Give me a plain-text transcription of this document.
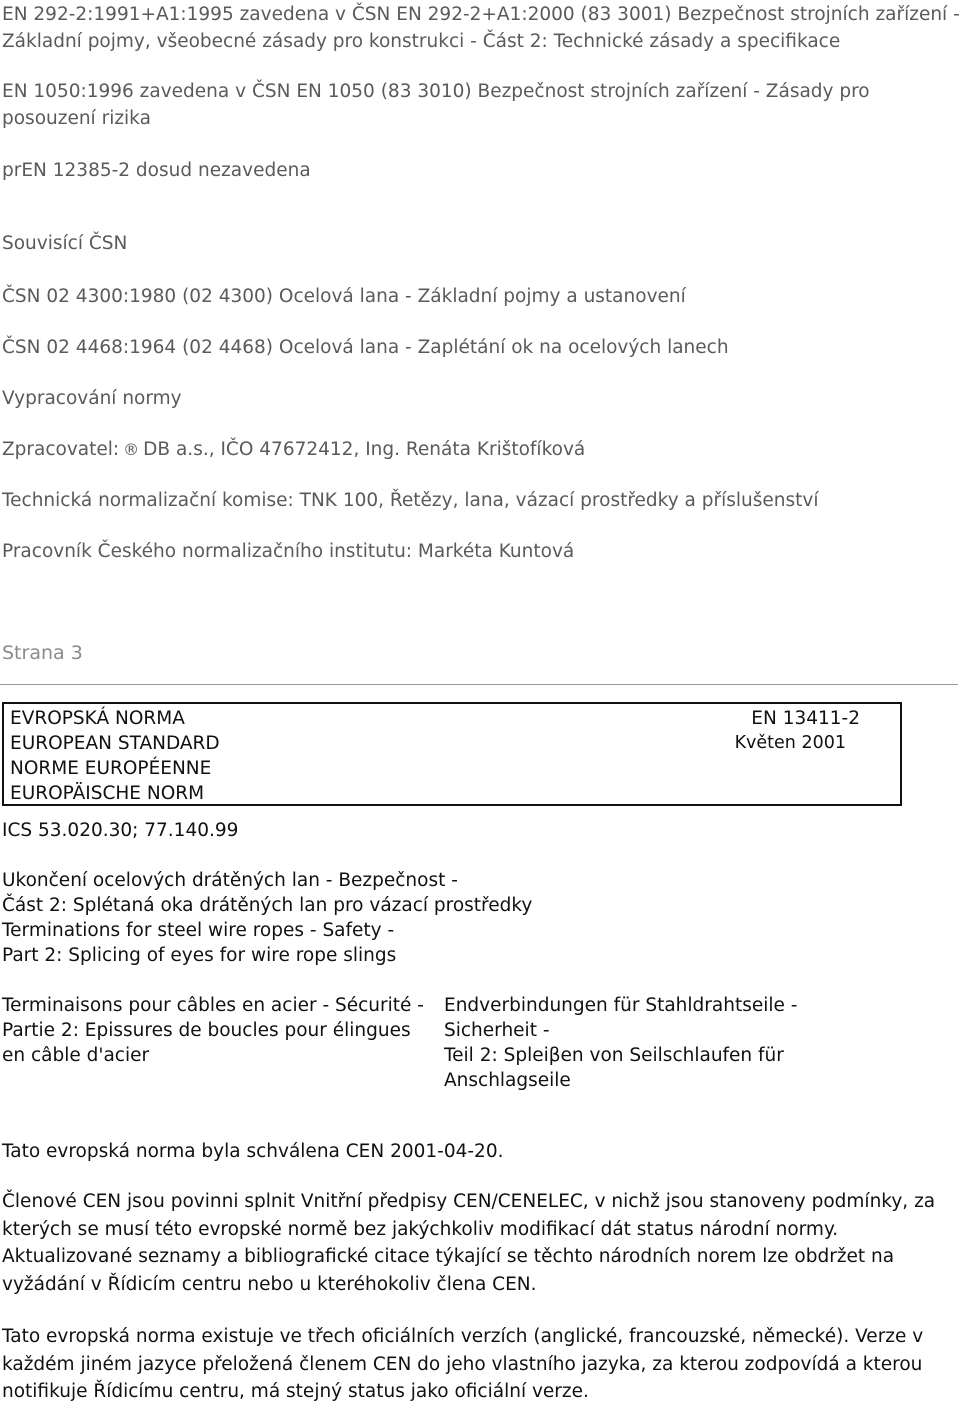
EN 292-2:1991+A1:1995 zavedena v ČSN EN 292-2+A1:2000 (83 3001) Bezpečnost strojních zařízení -

Základní pojmy, všeobecné zásady pro konstrukci - Část 2: Technické zásady a specifikace

EN 1050:1996 zavedena v ČSN EN 1050 (83 3010) Bezpečnost strojních zařízení - Zásady pro

posouzení rizika

prEN 12385-2 dosud nezavedena

Souvisící ČSN

ČSN 02 4300:1980 (02 4300) Ocelová lana - Základní pojmy a ustanovení

ČSN 02 4468:1964 (02 4468) Ocelová lana - Zaplétání ok na ocelových lanech

Vypracování normy

Zpracovatel: ® DB a.s., IČO 47672412, Ing. Renáta Krištofíková

Technická normalizační komise: TNK 100, Řetězy, lana, vázací prostředky a příslušenství

Pracovník Českého normalizačního institutu: Markéta Kuntová

Strana 3
EVROPSKÁ NORMA
EUROPEAN STANDARD
NORME EUROPÉENNE
EUROPÄISCHE NORM
EN 13411-2
Květen 2001
ICS 53.020.30; 77.140.99
Ukončení ocelových drátěných lan - Bezpečnost -
Část 2: Splétaná oka drátěných lan pro vázací prostředky
Terminations for steel wire ropes - Safety -
Part 2: Splicing of eyes for wire rope slings
Terminaisons pour câbles en acier - Sécurité -
Partie 2: Epissures de boucles pour élingues
en câble d'acier
Endverbindungen für Stahldrahtseile -
Sicherheit -
Teil 2: Spleiβen von Seilschlaufen für
Anschlagseile
Tato evropská norma byla schválena CEN 2001-04-20.
Členové CEN jsou povinni splnit Vnitřní předpisy CEN/CENELEC, v nichž jsou stanoveny podmínky, za
kterých se musí této evropské normě bez jakýchkoliv modifikací dát status národní normy.
Aktualizované seznamy a bibliografické citace týkající se těchto národních norem lze obdržet na
vyžádání v Řídicím centru nebo u kteréhokoliv člena CEN.
Tato evropská norma existuje ve třech oficiálních verzích (anglické, francouzské, německé). Verze v
každém jiném jazyce přeložená členem CEN do jeho vlastního jazyka, za kterou zodpovídá a kterou
notifikuje Řídicímu centru, má stejný status jako oficiální verze.
